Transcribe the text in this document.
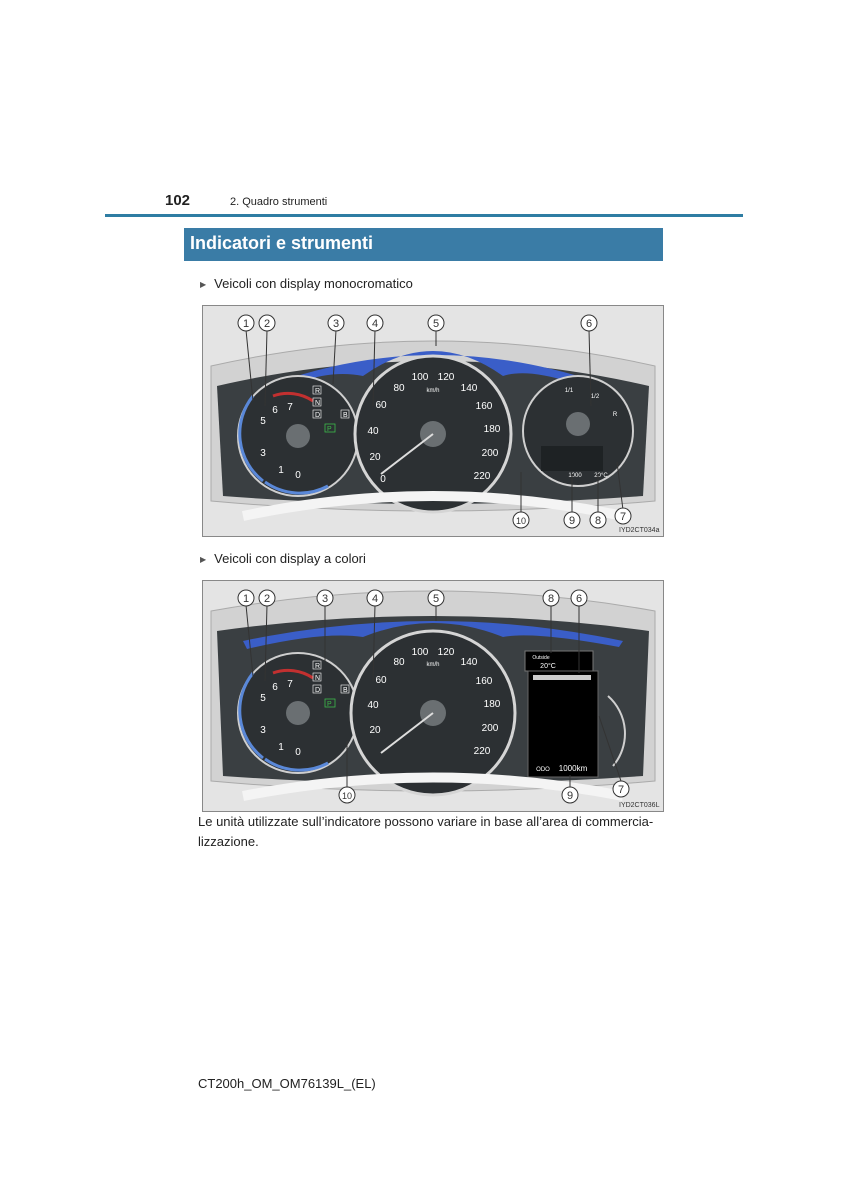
102	2. Quadro strumenti
Indicatori e strumenti
▶ Veicoli con display monocromatico
7
6
5
3
1 0
R
N
D	B
P
0
20
40
60
80
100 120
140
160
180
200
220
km/h	1/1
1/2
R
1000 20°C
1 2	3	4	5	6
7
8
9
10
IYD2CT034a
▶ Veicoli con display a colori
7
6
5
3
1 0
R
N
D	B
P
20
40
60
80
100 120
140
160
180
200
220
km/h
Outside
20°C
ODO 1000km
1 2	3	4	5	8 6
7
9
10
IYD2CT036L
Le unità utilizzate sull’indicatore possono variare in base all’area di commercializzazione.
CT200h_OM_OM76139L_(EL)
